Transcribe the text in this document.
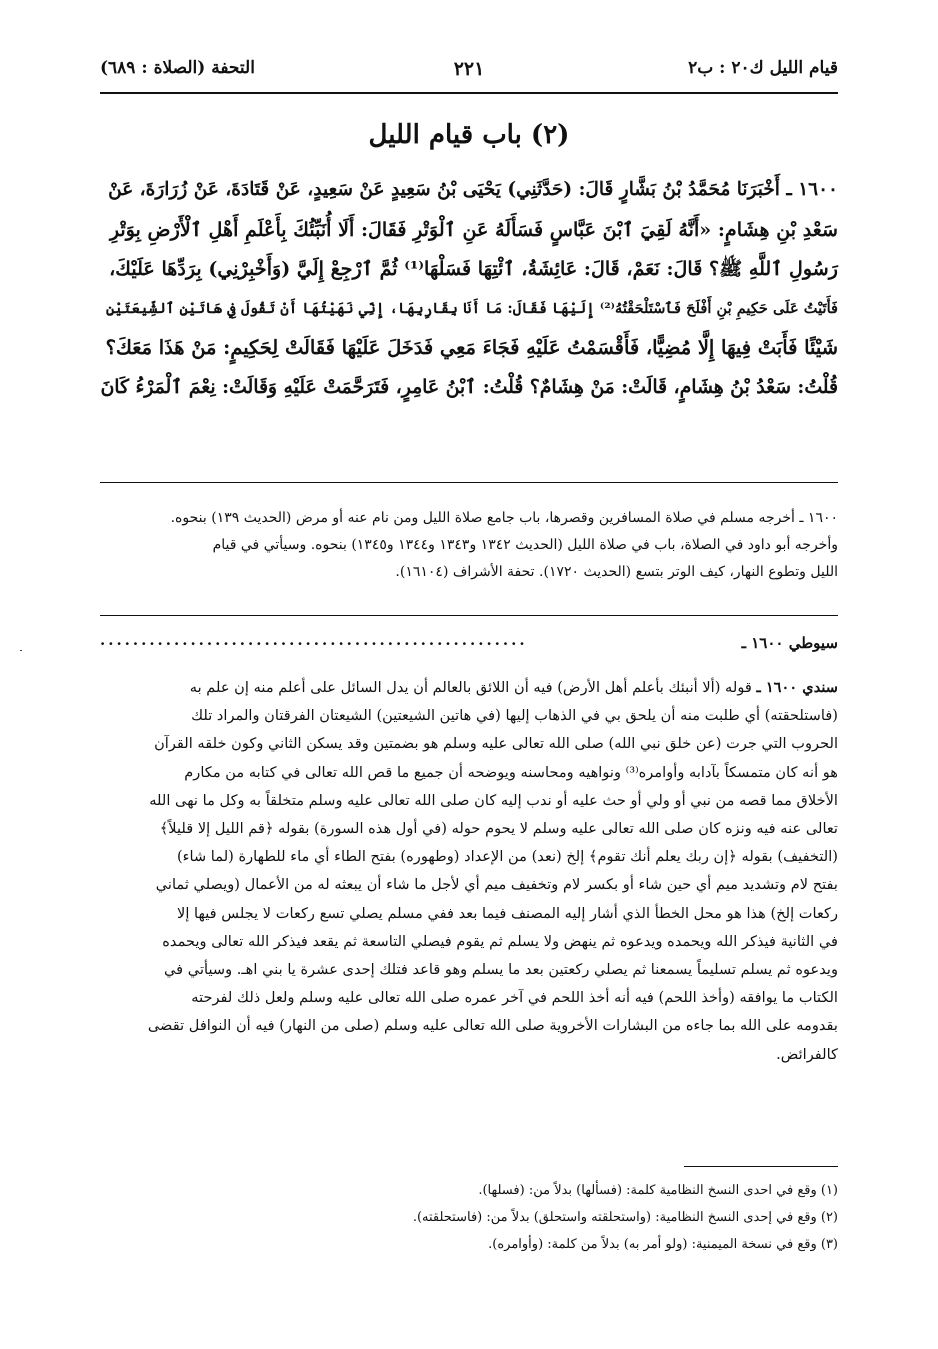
قيام الليل ك٢٠ : ب٢
٢٢١
التحفة (الصلاة : ٦٨٩)
(٢) باب قيام الليل
١٦٠٠ ـ أَخْبَرَنَا مُحَمَّدُ بْنُ بَشَّارٍ قَالَ: (حَدَّثَنِي) يَحْيَى بْنُ سَعِيدٍ عَنْ سَعِيدٍ، عَنْ قَتَادَةَ، عَنْ زُرَارَةَ، عَنْ
سَعْدِ بْنِ هِشَامٍ: «أَنَّهُ لَقِيَ ٱبْنَ عَبَّاسٍ فَسَأَلَهُ عَنِ ٱلْوَتْرِ فَقَالَ: أَلَا أُنَبِّئُكَ بِأَعْلَمِ أَهْلِ ٱلْأَرْضِ بِوَتْرِ
رَسُولِ ٱللَّهِ ﷺ؟ قَالَ: نَعَمْ، قَالَ: عَائِشَةُ، ٱئْتِهَا فَسَلْهَا⁽¹⁾ ثُمَّ ٱرْجِعْ إِلَيَّ (وَأَخْبِرْنِي) بِرَدِّهَا عَلَيْكَ،
فَأَتَيْتُ عَلَى حَكِيمِ بْنِ أَفْلَحَ فَٱسْتَلْحَقْتُهُ⁽²⁾ إِلَيْهَا فَقَالَ: مَا أَنَا بِقَارِبِهَا، إِنِّي نَهَيْتُهَا أَنْ تَقُولَ فِي هَاتَيْنِ ٱلشِّيعَتَيْنِ
شَيْئًا فَأَبَتْ فِيهَا إِلَّا مُضِيًّا، فَأَقْسَمْتُ عَلَيْهِ فَجَاءَ مَعِي فَدَخَلَ عَلَيْهَا فَقَالَتْ لِحَكِيمٍ: مَنْ هَذَا مَعَكَ؟
قُلْتُ: سَعْدُ بْنُ هِشَامٍ، قَالَتْ: مَنْ هِشَامٌ؟ قُلْتُ: ٱبْنُ عَامِرٍ، فَتَرَحَّمَتْ عَلَيْهِ وَقَالَتْ: نِعْمَ ٱلْمَرْءُ كَانَ
١٦٠٠ ـ أخرجه مسلم في صلاة المسافرين وقصرها، باب جامع صلاة الليل ومن نام عنه أو مرض (الحديث ١٣٩) بنحوه.
وأخرجه أبو داود في الصلاة، باب في صلاة الليل (الحديث ١٣٤٢ و١٣٤٣ و١٣٤٤ و١٣٤٥) بنحوه. وسيأتي في قيام
الليل وتطوع النهار، كيف الوتر بتسع (الحديث ١٧٢٠). تحفة الأشراف (١٦١٠٤).
سيوطي ١٦٠٠ ـ
....................................................
سندي ١٦٠٠ ـ قوله (ألا أنبئك بأعلم أهل الأرض) فيه أن اللائق بالعالم أن يدل السائل على أعلم منه إن علم به
(فاستلحقته) أي طلبت منه أن يلحق بي في الذهاب إليها (في هاتين الشيعتين) الشيعتان الفرقتان والمراد تلك
الحروب التي جرت (عن خلق نبي الله) صلى الله تعالى عليه وسلم هو بضمتين وقد يسكن الثاني وكون خلقه القرآن
هو أنه كان متمسكاً بآدابه وأوامره⁽³⁾ ونواهيه ومحاسنه ويوضحه أن جميع ما قص الله تعالى في كتابه من مكارم
الأخلاق مما قصه من نبي أو ولي أو حث عليه أو ندب إليه كان صلى الله تعالى عليه وسلم متخلقاً به وكل ما نهى الله
تعالى عنه فيه ونزه كان صلى الله تعالى عليه وسلم لا يحوم حوله (في أول هذه السورة) بقوله ﴿قم الليل إلا قليلاً﴾
(التخفيف) بقوله ﴿إن ربك يعلم أنك تقوم﴾ إلخ (نعد) من الإعداد (وطهوره) بفتح الطاء أي ماء للطهارة (لما شاء)
بفتح لام وتشديد ميم أي حين شاء أو بكسر لام وتخفيف ميم أي لأجل ما شاء أن يبعثه له من الأعمال (ويصلي ثماني
ركعات إلخ) هذا هو محل الخطأ الذي أشار إليه المصنف فيما بعد ففي مسلم يصلي تسع ركعات لا يجلس فيها إلا
في الثانية فيذكر الله ويحمده ويدعوه ثم ينهض ولا يسلم ثم يقوم فيصلي التاسعة ثم يقعد فيذكر الله تعالى ويحمده
ويدعوه ثم يسلم تسليماً يسمعنا ثم يصلي ركعتين بعد ما يسلم وهو قاعد فتلك إحدى عشرة يا بني اهـ. وسيأتي في
الكتاب ما يوافقه (وأخذ اللحم) فيه أنه أخذ اللحم في آخر عمره صلى الله تعالى عليه وسلم ولعل ذلك لفرحته
بقدومه على الله بما جاءه من البشارات الأخروية صلى الله تعالى عليه وسلم (صلى من النهار) فيه أن النوافل تقضى
كالفرائض.
(١) وقع في احدى النسخ النظامية كلمة: (فسألها) بدلاً من: (فسلها).
(٢) وقع في إحدى النسخ النظامية: (واستحلقته واستحلق) بدلاً من: (فاستحلقته).
(٣) وقع في نسخة الميمنية: (ولو أمر به) بدلاً من كلمة: (وأوامره).
